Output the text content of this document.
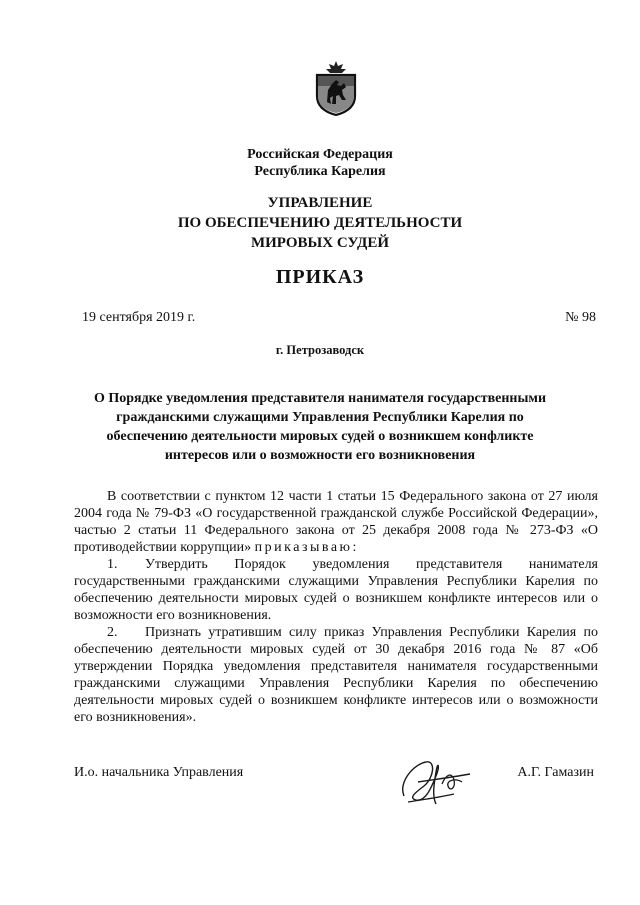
Российская Федерация
Республика Карелия
УПРАВЛЕНИЕ
ПО ОБЕСПЕЧЕНИЮ ДЕЯТЕЛЬНОСТИ
МИРОВЫХ СУДЕЙ
ПРИКАЗ
19 сентября 2019 г.	№ 98
г. Петрозаводск
О Порядке уведомления представителя нанимателя государственными
гражданскими служащими Управления Республики Карелия по
обеспечению деятельности мировых судей о возникшем конфликте
интересов или о возможности его возникновения

В соответствии с пунктом 12 части 1 статьи 15 Федерального закона от 27 июля 2004 года № 79-ФЗ «О государственной гражданской службе Российской Федерации», частью 2 статьи 11 Федерального закона от 25 декабря 2008 года № 273-ФЗ «О противодействии коррупции» приказываю:

1. Утвердить Порядок уведомления представителя нанимателя государственными гражданскими служащими Управления Республики Карелия по обеспечению деятельности мировых судей о возникшем конфликте интересов или о возможности его возникновения.

2. Признать утратившим силу приказ Управления Республики Карелия по обеспечению деятельности мировых судей от 30 декабря 2016 года № 87 «Об утверждении Порядка уведомления представителя нанимателя государственными гражданскими служащими Управления Республики Карелия по обеспечению деятельности мировых судей о возникшем конфликте интересов или о возможности его возникновения».

И.о. начальника Управления	А.Г. Гамазин
